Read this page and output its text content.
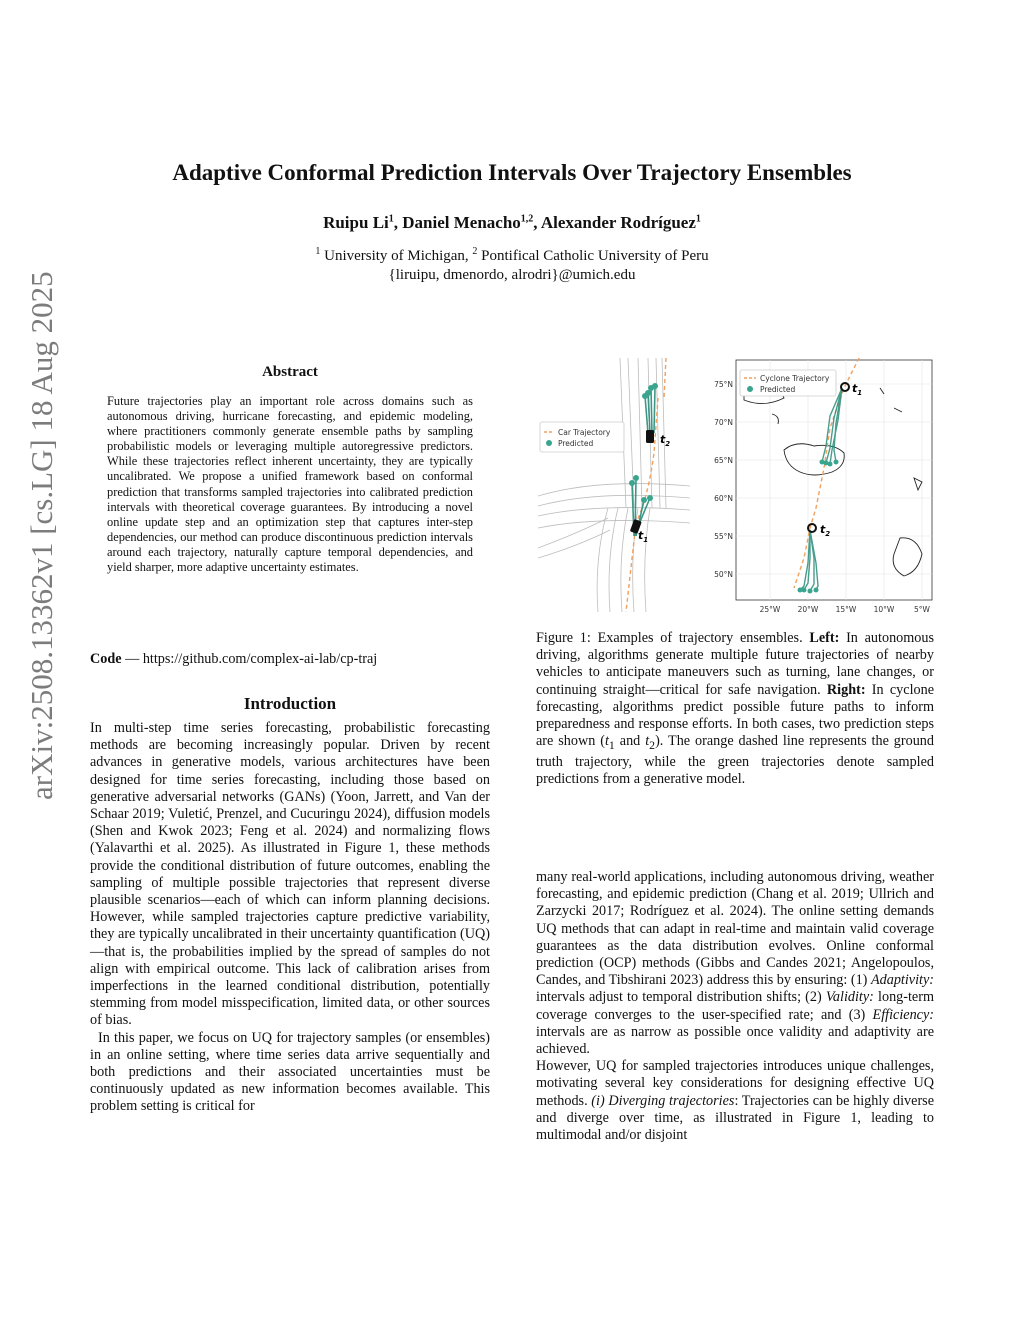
arXiv:2508.13362v1 [cs.LG] 18 Aug 2025
Adaptive Conformal Prediction Intervals Over Trajectory Ensembles
Ruipu Li$^1$, Daniel Menacho$^{1,2}$, Alexander Rodríguez$^1$
$^1$ University of Michigan, $^2$ Pontifical Catholic University of Peru
{liruipu, dmenordo, alrodri}@umich.edu
Abstract
Future trajectories play an important role across domains such as autonomous driving, hurricane forecasting, and epidemic modeling, where practitioners commonly generate ensemble paths by sampling probabilistic models or leveraging multiple autoregressive predictors. While these trajectories reflect inherent uncertainty, they are typically uncalibrated. We propose a unified framework based on conformal prediction that transforms sampled trajectories into calibrated prediction intervals with theoretical coverage guarantees. By introducing a novel online update step and an optimization step that captures inter-step dependencies, our method can produce discontinuous prediction intervals around each trajectory, naturally capture temporal dependencies, and yield sharper, more adaptive uncertainty estimates.
Code — https://github.com/complex-ai-lab/cp-traj
Introduction

In multi-step time series forecasting, probabilistic forecasting methods are becoming increasingly popular. Driven by recent advances in generative models, various architectures have been designed for time series forecasting, including those based on generative adversarial networks (GANs) (Yoon, Jarrett, and Van der Schaar 2019; Vuletić, Prenzel, and Cucuringu 2024), diffusion models (Shen and Kwok 2023; Feng et al. 2024) and normalizing flows (Yalavarthi et al. 2025). As illustrated in Figure 1, these methods provide the conditional distribution of future outcomes, enabling the sampling of multiple possible trajectories that represent diverse plausible scenarios—each of which can inform planning decisions. However, while sampled trajectories capture predictive variability, they are typically uncalibrated in their uncertainty quantification (UQ)—that is, the probabilities implied by the spread of samples do not align with empirical outcome. This lack of calibration arises from imperfections in the learned conditional distribution, potentially stemming from model misspecification, limited data, or other sources of bias.

In this paper, we focus on UQ for trajectory samples (or ensembles) in an online setting, where time series data arrive sequentially and both predictions and their associated uncertainties must be continuously updated as new information becomes available. This problem setting is critical for

$t_2$
$t_1$
Car Trajectory
Predicted
$t_1$
$t_2$
Cyclone Trajectory
Predicted
75°N
70°N
65°N
60°N
55°N
50°N
25°W 20°W 15°W 10°W	5°W
Figure 1: Examples of trajectory ensembles. Left: In autonomous driving, algorithms generate multiple future trajectories of nearby vehicles to anticipate maneuvers such as turning, lane changes, or continuing straight—critical for safe navigation. Right: In cyclone forecasting, algorithms predict possible future paths to inform preparedness and response efforts. In both cases, two prediction steps are shown ($t_1$ and $t_2$). The orange dashed line represents the ground truth trajectory, while the green trajectories denote sampled predictions from a generative model.

many real-world applications, including autonomous driving, weather forecasting, and epidemic prediction (Chang et al. 2019; Ullrich and Zarzycki 2017; Rodríguez et al. 2024). The online setting demands UQ methods that can adapt in real-time and maintain valid coverage guarantees as the data distribution evolves. Online conformal prediction (OCP) methods (Gibbs and Candes 2021; Angelopoulos, Candes, and Tibshirani 2023) address this by ensuring: (1) Adaptivity: intervals adjust to temporal distribution shifts; (2) Validity: long-term coverage converges to the user-specified rate; and (3) Efficiency: intervals are as narrow as possible once validity and adaptivity are achieved.

However, UQ for sampled trajectories introduces unique challenges, motivating several key considerations for designing effective UQ methods. (i) Diverging trajectories: Trajectories can be highly diverse and diverge over time, as illustrated in Figure 1, leading to multimodal and/or disjoint
